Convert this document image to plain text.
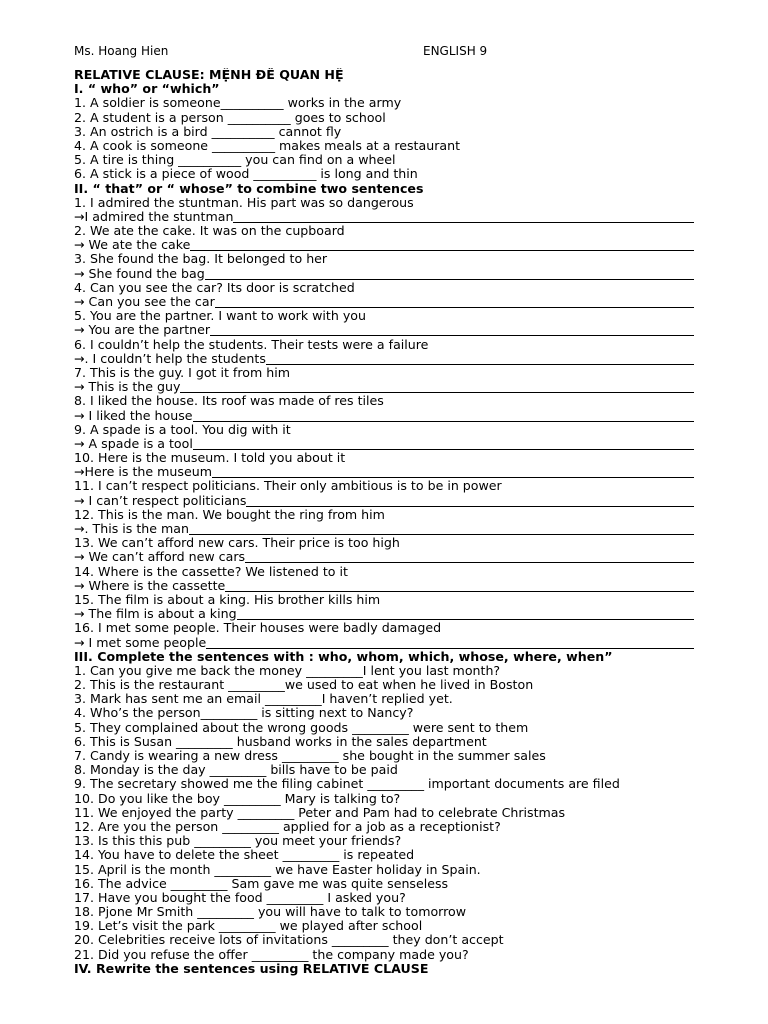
Ms. Hoang Hien	ENGLISH 9
RELATIVE CLAUSE: MỆNH ĐỀ QUAN HỆ
I. “ who” or “which”
1. A soldier is someone__________ works in the army
2. A student is a person __________ goes to school
3. An ostrich is a bird __________ cannot fly
4. A cook is someone __________ makes meals at a restaurant
5. A tire is thing __________ you can find on a wheel
6. A stick is a piece of wood __________ is long and thin
II. “ that” or “ whose” to combine two sentences
1. I admired the stuntman. His part was so dangerous
→I admired the stuntman
2. We ate the cake. It was on the cupboard
→ We ate the cake
3. She found the bag. It belonged to her
→ She found the bag
4. Can you see the car? Its door is scratched
→ Can you see the car
5. You are the partner. I want to work with you
→ You are the partner
6. I couldn’t help the students. Their tests were a failure
→. I couldn’t help the students
7. This is the guy. I got it from him
→ This is the guy
8. I liked the house. Its roof was made of res tiles
→ I liked the house
9. A spade is a tool. You dig with it
→ A spade is a tool
10. Here is the museum. I told you about it
→Here is the museum
11. I can’t respect politicians. Their only ambitious is to be in power
→ I can’t respect politicians
12. This is the man. We bought the ring from him
→. This is the man
13. We can’t afford new cars. Their price is too high
→ We can’t afford new cars
14. Where is the cassette? We listened to it
→ Where is the cassette
15. The film is about a king. His brother kills him
→ The film is about a king
16. I met some people. Their houses were badly damaged
→ I met some people
III. Complete the sentences with : who, whom, which, whose, where, when”
1. Can you give me back the money _________I lent you last month?
2. This is the restaurant _________we used to eat when he lived in Boston
3. Mark has sent me an email _________I haven’t replied yet.
4. Who’s the person_________ is sitting next to Nancy?
5. They complained about the wrong goods _________ were sent to them
6. This is Susan _________ husband works in the sales department
7. Candy is wearing a new dress _________ she bought in the summer sales
8. Monday is the day _________ bills have to be paid
9. The secretary showed me the filing cabinet _________ important documents are filed
10. Do you like the boy _________ Mary is talking to?
11. We enjoyed the party _________ Peter and Pam had to celebrate Christmas
12. Are you the person _________ applied for a job as a receptionist?
13. Is this this pub _________ you meet your friends?
14. You have to delete the sheet _________ is repeated
15. April is the month _________ we have Easter holiday in Spain.
16. The advice _________ Sam gave me was quite senseless
17. Have you bought the food _________ I asked you?
18. Pjone Mr Smith _________ you will have to talk to tomorrow
19. Let’s visit the park _________ we played after school
20. Celebrities receive lots of invitations _________ they don’t accept
21. Did you refuse the offer _________ the company made you?
IV. Rewrite the sentences using RELATIVE CLAUSE
